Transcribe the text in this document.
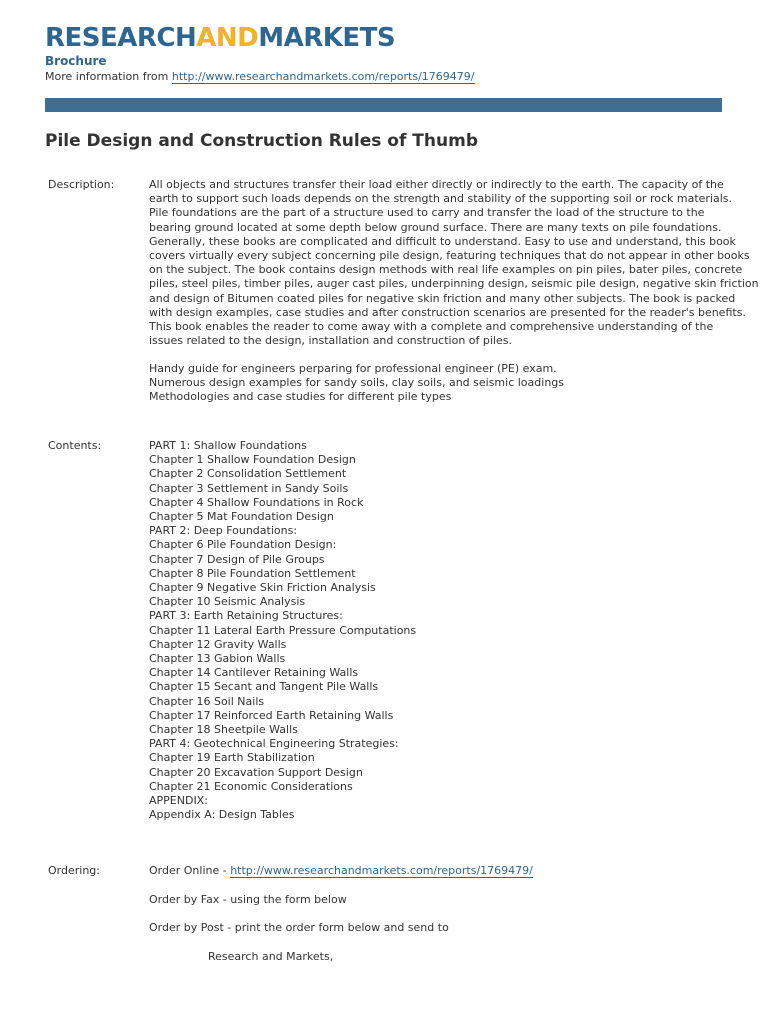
RESEARCHANDMARKETS
Brochure
More information from http://www.researchandmarkets.com/reports/1769479/
Pile Design and Construction Rules of Thumb
Description:	All objects and structures transfer their load either directly or indirectly to the earth. The capacity of the
earth to support such loads depends on the strength and stability of the supporting soil or rock materials.
Pile foundations are the part of a structure used to carry and transfer the load of the structure to the
bearing ground located at some depth below ground surface. There are many texts on pile foundations.
Generally, these books are complicated and difficult to understand. Easy to use and understand, this book
covers virtually every subject concerning pile design, featuring techniques that do not appear in other books
on the subject. The book contains design methods with real life examples on pin piles, bater piles, concrete
piles, steel piles, timber piles, auger cast piles, underpinning design, seismic pile design, negative skin friction
and design of Bitumen coated piles for negative skin friction and many other subjects. The book is packed
with design examples, case studies and after construction scenarios are presented for the reader's benefits.
This book enables the reader to come away with a complete and comprehensive understanding of the
issues related to the design, installation and construction of piles.
Handy guide for engineers perparing for professional engineer (PE) exam.
Numerous design examples for sandy soils, clay soils, and seismic loadings
Methodologies and case studies for different pile types
Contents:	PART 1: Shallow Foundations
Chapter 1 Shallow Foundation Design
Chapter 2 Consolidation Settlement
Chapter 3 Settlement in Sandy Soils
Chapter 4 Shallow Foundations in Rock
Chapter 5 Mat Foundation Design
PART 2: Deep Foundations:
Chapter 6 Pile Foundation Design:
Chapter 7 Design of Pile Groups
Chapter 8 Pile Foundation Settlement
Chapter 9 Negative Skin Friction Analysis
Chapter 10 Seismic Analysis
PART 3: Earth Retaining Structures:
Chapter 11 Lateral Earth Pressure Computations
Chapter 12 Gravity Walls
Chapter 13 Gabion Walls
Chapter 14 Cantilever Retaining Walls
Chapter 15 Secant and Tangent Pile Walls
Chapter 16 Soil Nails
Chapter 17 Reinforced Earth Retaining Walls
Chapter 18 Sheetpile Walls
PART 4: Geotechnical Engineering Strategies:
Chapter 19 Earth Stabilization
Chapter 20 Excavation Support Design
Chapter 21 Economic Considerations
APPENDIX:
Appendix A: Design Tables
Ordering:	Order Online - http://www.researchandmarkets.com/reports/1769479/
Order by Fax - using the form below
Order by Post - print the order form below and send to
Research and Markets,
